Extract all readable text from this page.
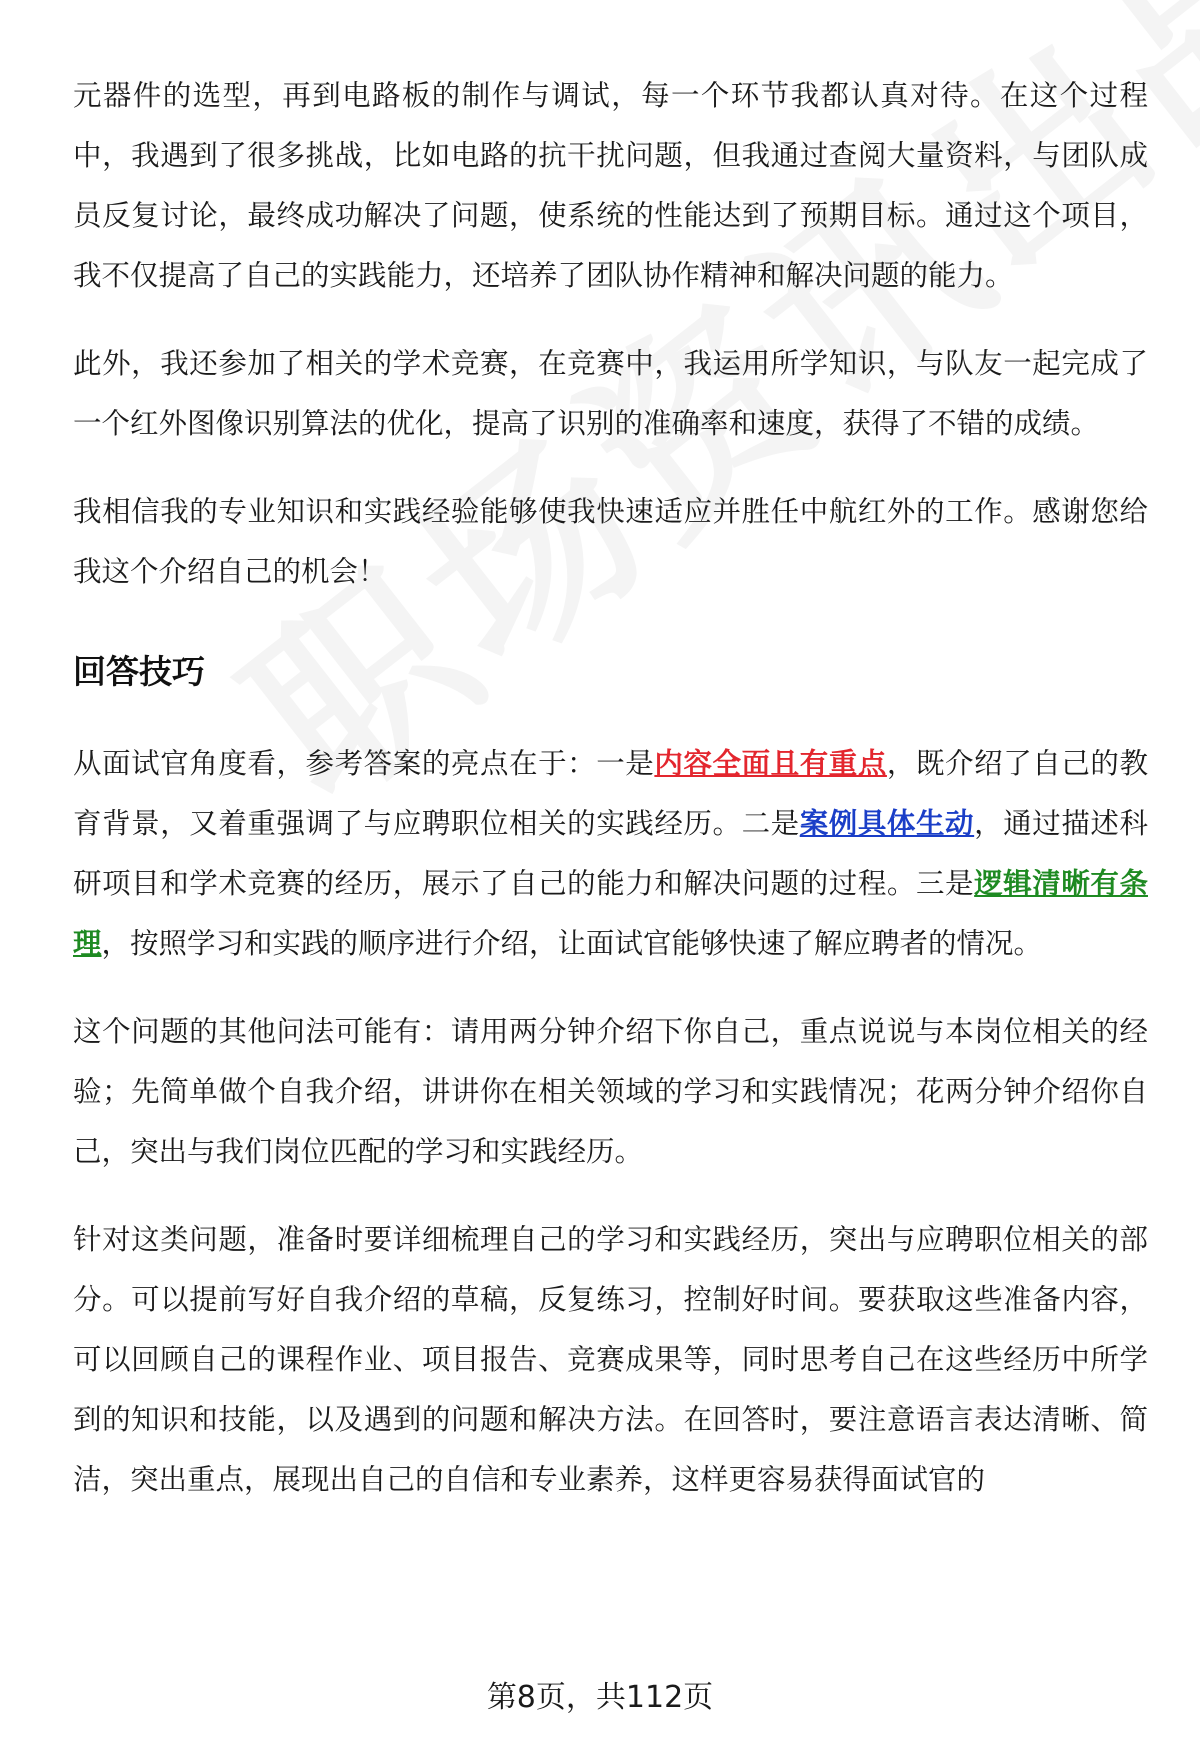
元器件的选型，再到电路板的制作与调试，每一个环节我都认真对待。在这个过程中，我遇到了很多挑战，比如电路的抗干扰问题，但我通过查阅大量资料，与团队成员反复讨论，最终成功解决了问题，使系统的性能达到了预期目标。通过这个项目，我不仅提高了自己的实践能力，还培养了团队协作精神和解决问题的能力。

此外，我还参加了相关的学术竞赛，在竞赛中，我运用所学知识，与队友一起完成了一个红外图像识别算法的优化，提高了识别的准确率和速度，获得了不错的成绩。

我相信我的专业知识和实践经验能够使我快速适应并胜任中航红外的工作。感谢您给我这个介绍自己的机会！

回答技巧

从面试官角度看，参考答案的亮点在于：一是内容全面且有重点，既介绍了自己的教育背景，又着重强调了与应聘职位相关的实践经历。二是案例具体生动，通过描述科研项目和学术竞赛的经历，展示了自己的能力和解决问题的过程。三是逻辑清晰有条理，按照学习和实践的顺序进行介绍，让面试官能够快速了解应聘者的情况。

这个问题的其他问法可能有：请用两分钟介绍下你自己，重点说说与本岗位相关的经验；先简单做个自我介绍，讲讲你在相关领域的学习和实践情况；花两分钟介绍你自己，突出与我们岗位匹配的学习和实践经历。

针对这类问题，准备时要详细梳理自己的学习和实践经历，突出与应聘职位相关的部分。可以提前写好自我介绍的草稿，反复练习，控制好时间。要获取这些准备内容，可以回顾自己的课程作业、项目报告、竞赛成果等，同时思考自己在这些经历中所学到的知识和技能，以及遇到的问题和解决方法。在回答时，要注意语言表达清晰、简洁，突出重点，展现出自己的自信和专业素养，这样更容易获得面试官的

第8页，共112页
